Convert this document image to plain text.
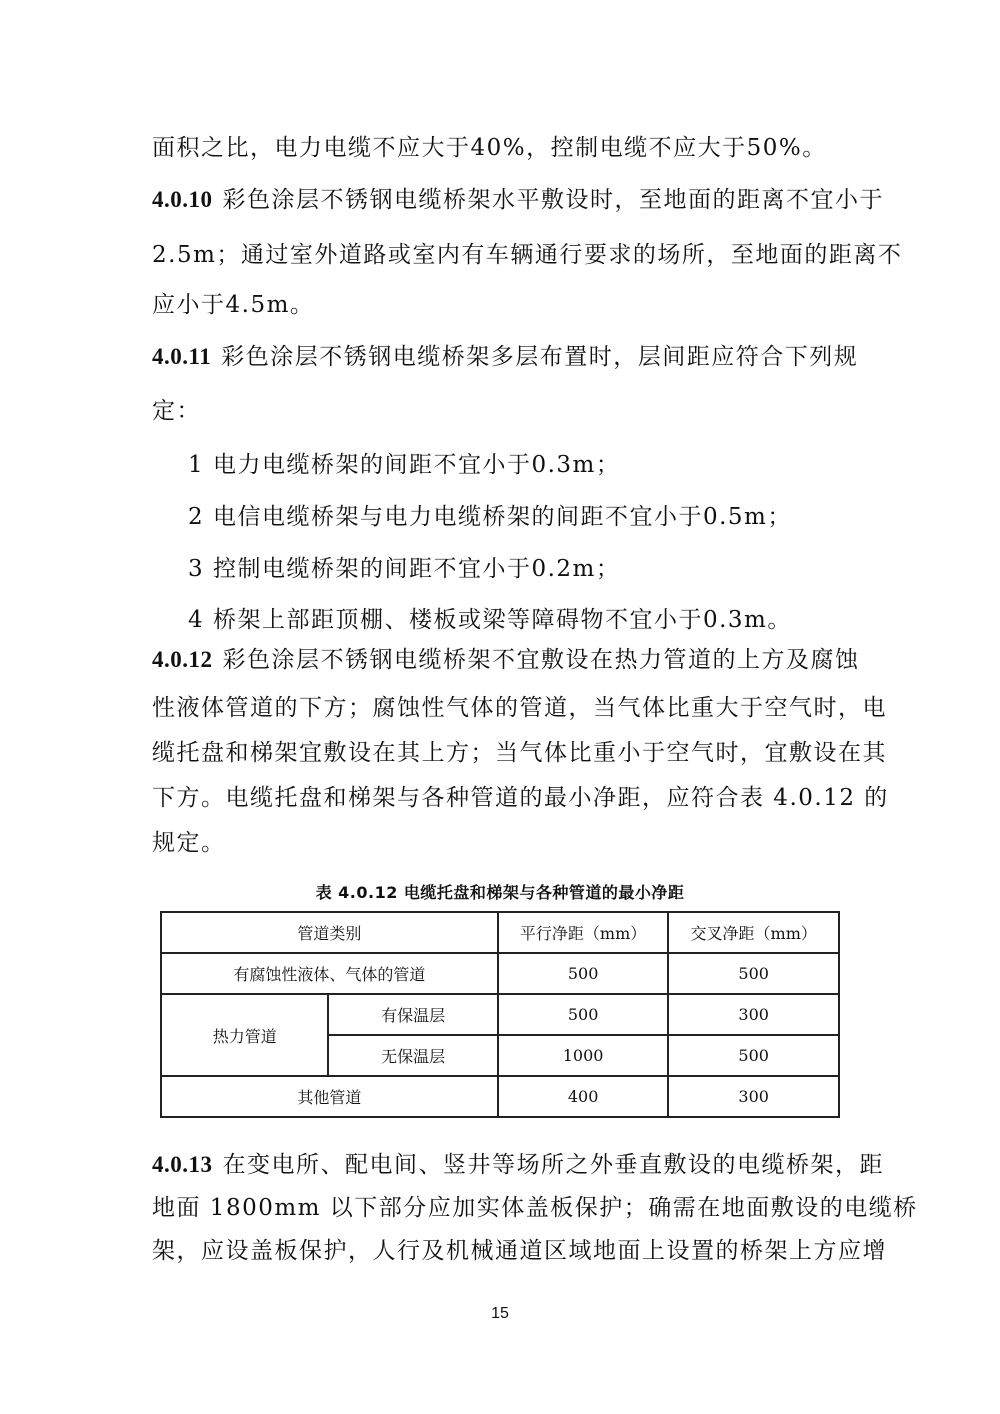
面积之比，电力电缆不应大于40%，控制电缆不应大于50%。
4.0.10 彩色涂层不锈钢电缆桥架水平敷设时，至地面的距离不宜小于
2.5m；通过室外道路或室内有车辆通行要求的场所，至地面的距离不
应小于4.5m。
4.0.11 彩色涂层不锈钢电缆桥架多层布置时，层间距应符合下列规
定：
1 电力电缆桥架的间距不宜小于0.3m；
2 电信电缆桥架与电力电缆桥架的间距不宜小于0.5m；
3 控制电缆桥架的间距不宜小于0.2m；
4 桥架上部距顶棚、楼板或梁等障碍物不宜小于0.3m。
4.0.12 彩色涂层不锈钢电缆桥架不宜敷设在热力管道的上方及腐蚀
性液体管道的下方；腐蚀性气体的管道，当气体比重大于空气时，电
缆托盘和梯架宜敷设在其上方；当气体比重小于空气时，宜敷设在其
下方。电缆托盘和梯架与各种管道的最小净距，应符合表 4.0.12 的
规定。
表 4.0.12 电缆托盘和梯架与各种管道的最小净距
管道类别		平行净距（mm）	交叉净距（mm）
有腐蚀性液体、气体的管道		500	500
热力管道	有保温层	500	300
	无保温层	1000	500
其他管道		400	300
4.0.13 在变电所、配电间、竖井等场所之外垂直敷设的电缆桥架，距
地面 1800mm 以下部分应加实体盖板保护；确需在地面敷设的电缆桥
架，应设盖板保护，人行及机械通道区域地面上设置的桥架上方应增
15
